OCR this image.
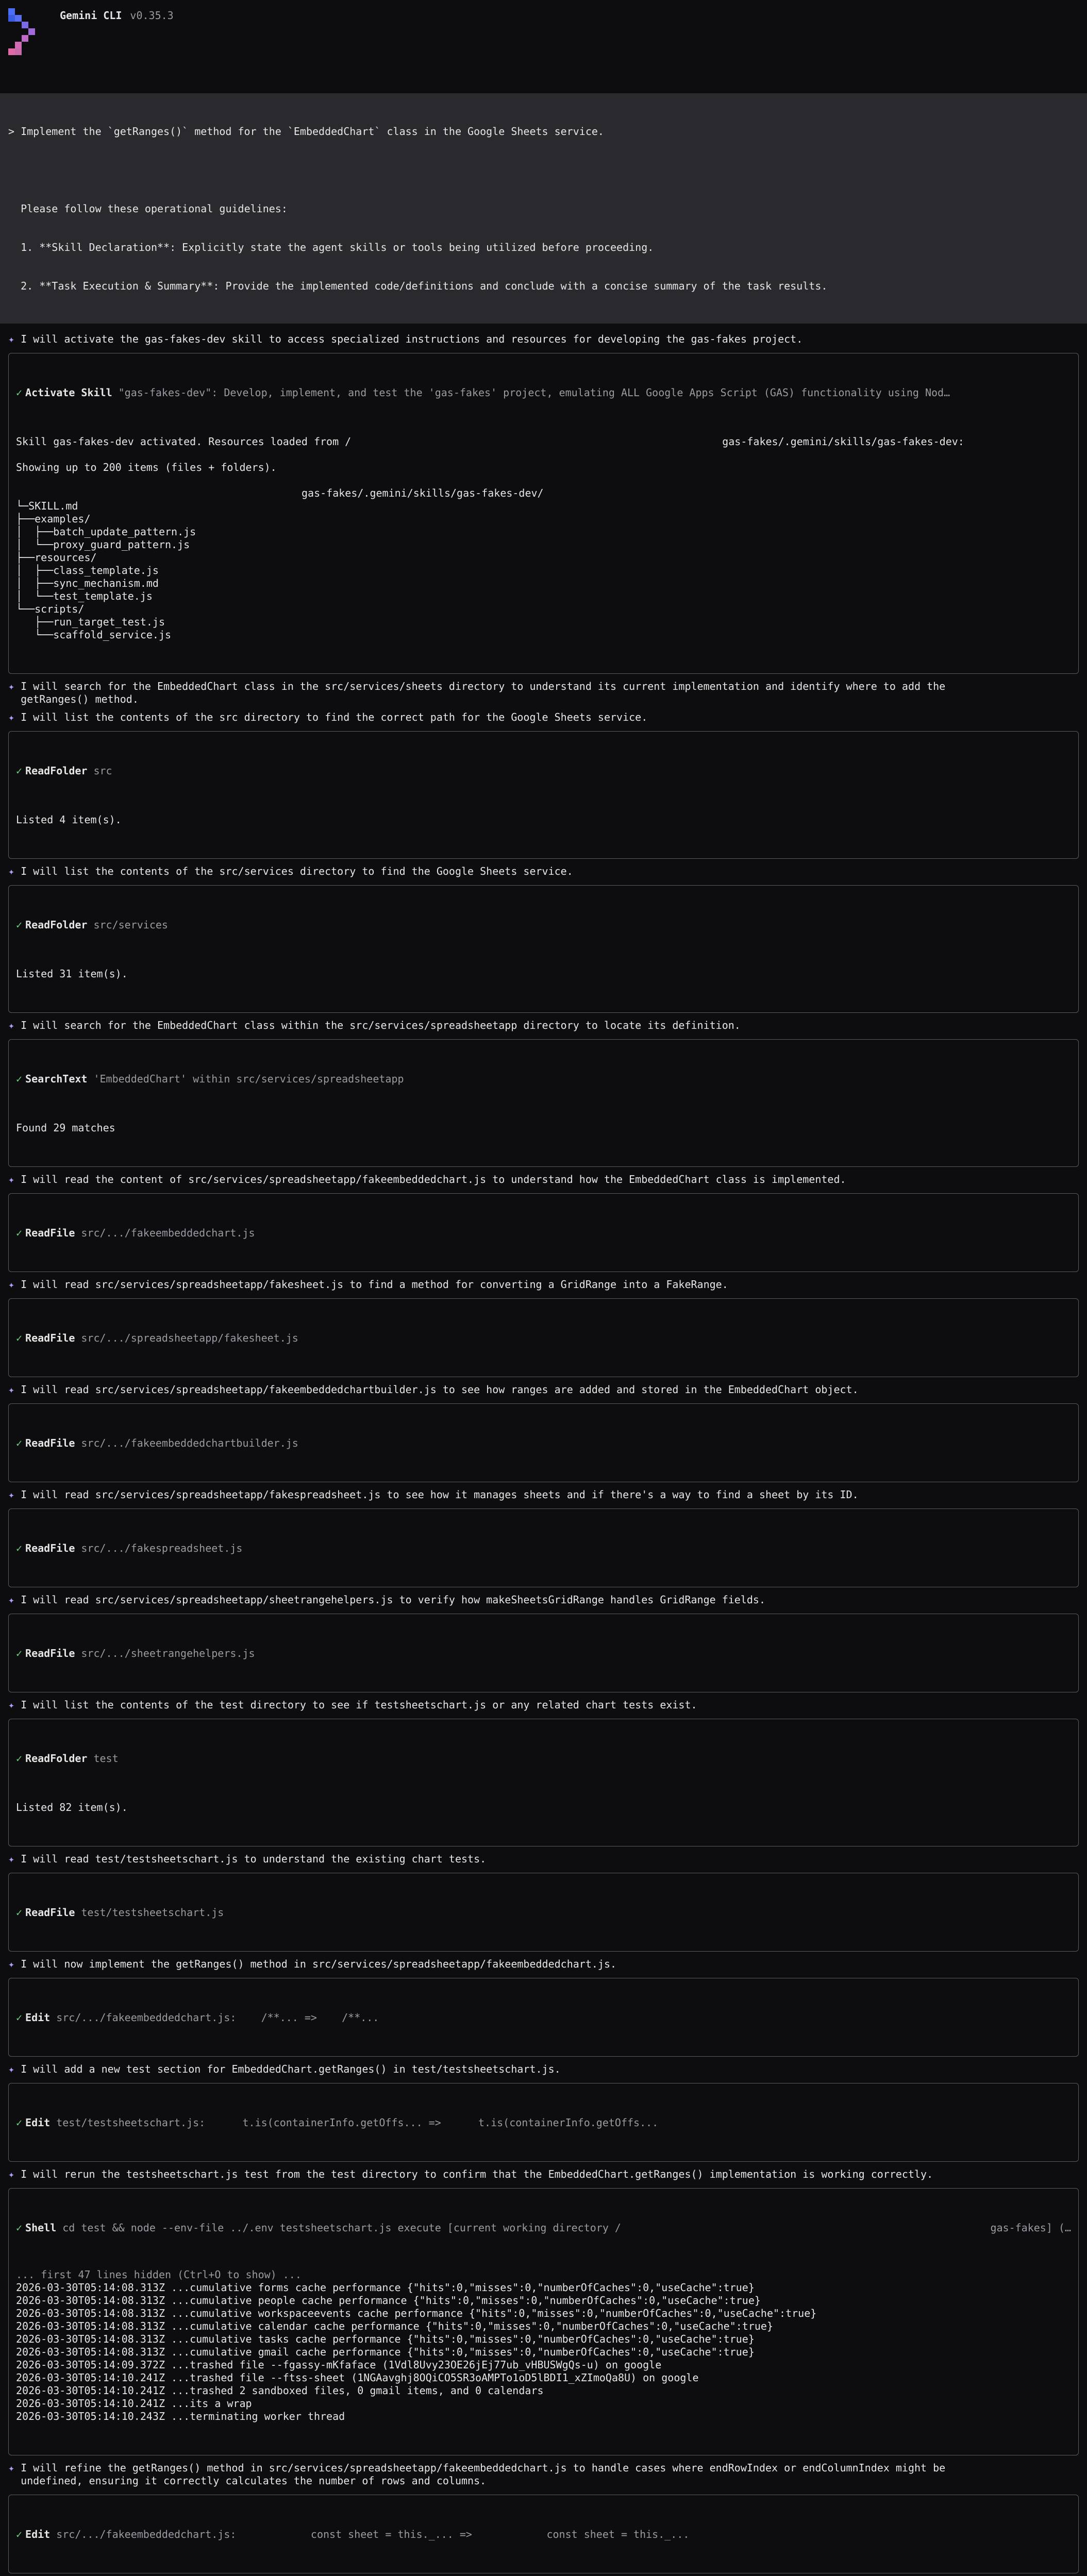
Gemini CLI v0.35.3

> Implement the `getRanges()` method for the `EmbeddedChart` class in the Google Sheets service.

Please follow these operational guidelines:

1. **Skill Declaration**: Explicitly state the agent skills or tools being utilized before proceeding.

2. **Task Execution & Summary**: Provide the implemented code/definitions and conclude with a concise summary of the task results.

✦ I will activate the gas-fakes-dev skill to access specialized instructions and resources for developing the gas-fakes project.

✓ Activate Skill "gas-fakes-dev": Develop, implement, and test the 'gas-fakes' project, emulating ALL Google Apps Script (GAS) functionality using Nod…

Skill gas-fakes-dev activated. Resources loaded from /	gas-fakes/.gemini/skills/gas-fakes-dev:

Showing up to 200 items (files + folders).

gas-fakes/.gemini/skills/gas-fakes-dev/

└─SKILL.md
├──examples/
│  ├──batch_update_pattern.js
│  └──proxy_guard_pattern.js
├──resources/
│  ├──class_template.js
│  ├──sync_mechanism.md
│  └──test_template.js
└──scripts/
├──run_target_test.js
└──scaffold_service.js

✦ I will search for the EmbeddedChart class in the src/services/sheets directory to understand its current implementation and identify where to add the
getRanges() method.
✦ I will list the contents of the src directory to find the correct path for the Google Sheets service.

✓ ReadFolder src

Listed 4 item(s).

✦ I will list the contents of the src/services directory to find the Google Sheets service.

✓ ReadFolder src/services

Listed 31 item(s).

✦ I will search for the EmbeddedChart class within the src/services/spreadsheetapp directory to locate its definition.

✓ SearchText 'EmbeddedChart' within src/services/spreadsheetapp

Found 29 matches

✦ I will read the content of src/services/spreadsheetapp/fakeembeddedchart.js to understand how the EmbeddedChart class is implemented.

✓ ReadFile src/.../fakeembeddedchart.js

✦ I will read src/services/spreadsheetapp/fakesheet.js to find a method for converting a GridRange into a FakeRange.

✓ ReadFile src/.../spreadsheetapp/fakesheet.js

✦ I will read src/services/spreadsheetapp/fakeembeddedchartbuilder.js to see how ranges are added and stored in the EmbeddedChart object.

✓ ReadFile src/.../fakeembeddedchartbuilder.js

✦ I will read src/services/spreadsheetapp/fakespreadsheet.js to see how it manages sheets and if there's a way to find a sheet by its ID.

✓ ReadFile src/.../fakespreadsheet.js

✦ I will read src/services/spreadsheetapp/sheetrangehelpers.js to verify how makeSheetsGridRange handles GridRange fields.

✓ ReadFile src/.../sheetrangehelpers.js

✦ I will list the contents of the test directory to see if testsheetschart.js or any related chart tests exist.

✓ ReadFolder test

Listed 82 item(s).

✦ I will read test/testsheetschart.js to understand the existing chart tests.

✓ ReadFile test/testsheetschart.js

✦ I will now implement the getRanges() method in src/services/spreadsheetapp/fakeembeddedchart.js.

✓ Edit src/.../fakeembeddedchart.js:    /**... =>    /**...

✦ I will add a new test section for EmbeddedChart.getRanges() in test/testsheetschart.js.

✓ Edit test/testsheetschart.js:      t.is(containerInfo.getOffs... =>      t.is(containerInfo.getOffs...

✦ I will rerun the testsheetschart.js test from the test directory to confirm that the EmbeddedChart.getRanges() implementation is working correctly.

✓ Shell cd test && node --env-file ../.env testsheetschart.js execute [current working directory /	gas-fakes] (…

... first 47 lines hidden (Ctrl+O to show) ...
2026-03-30T05:14:08.313Z ...cumulative forms cache performance {"hits":0,"misses":0,"numberOfCaches":0,"useCache":true}
2026-03-30T05:14:08.313Z ...cumulative people cache performance {"hits":0,"misses":0,"numberOfCaches":0,"useCache":true}
2026-03-30T05:14:08.313Z ...cumulative workspaceevents cache performance {"hits":0,"misses":0,"numberOfCaches":0,"useCache":true}
2026-03-30T05:14:08.313Z ...cumulative calendar cache performance {"hits":0,"misses":0,"numberOfCaches":0,"useCache":true}
2026-03-30T05:14:08.313Z ...cumulative tasks cache performance {"hits":0,"misses":0,"numberOfCaches":0,"useCache":true}
2026-03-30T05:14:08.313Z ...cumulative gmail cache performance {"hits":0,"misses":0,"numberOfCaches":0,"useCache":true}
2026-03-30T05:14:09.372Z ...trashed file --fgassy-mKfaface (1Vdl8Uvy23OE26jEj77ub_vHBUSWgQs-u) on google
2026-03-30T05:14:10.241Z ...trashed file --ftss-sheet (1NGAavghj8OQiCO5SR3oAMPTo1oD5lBDI1_xZImoQa8U) on google
2026-03-30T05:14:10.241Z ...trashed 2 sandboxed files, 0 gmail items, and 0 calendars
2026-03-30T05:14:10.241Z ...its a wrap
2026-03-30T05:14:10.243Z ...terminating worker thread

✦ I will refine the getRanges() method in src/services/spreadsheetapp/fakeembeddedchart.js to handle cases where endRowIndex or endColumnIndex might be
undefined, ensuring it correctly calculates the number of rows and columns.

✓ Edit src/.../fakeembeddedchart.js:            const sheet = this._... =>            const sheet = this._...
